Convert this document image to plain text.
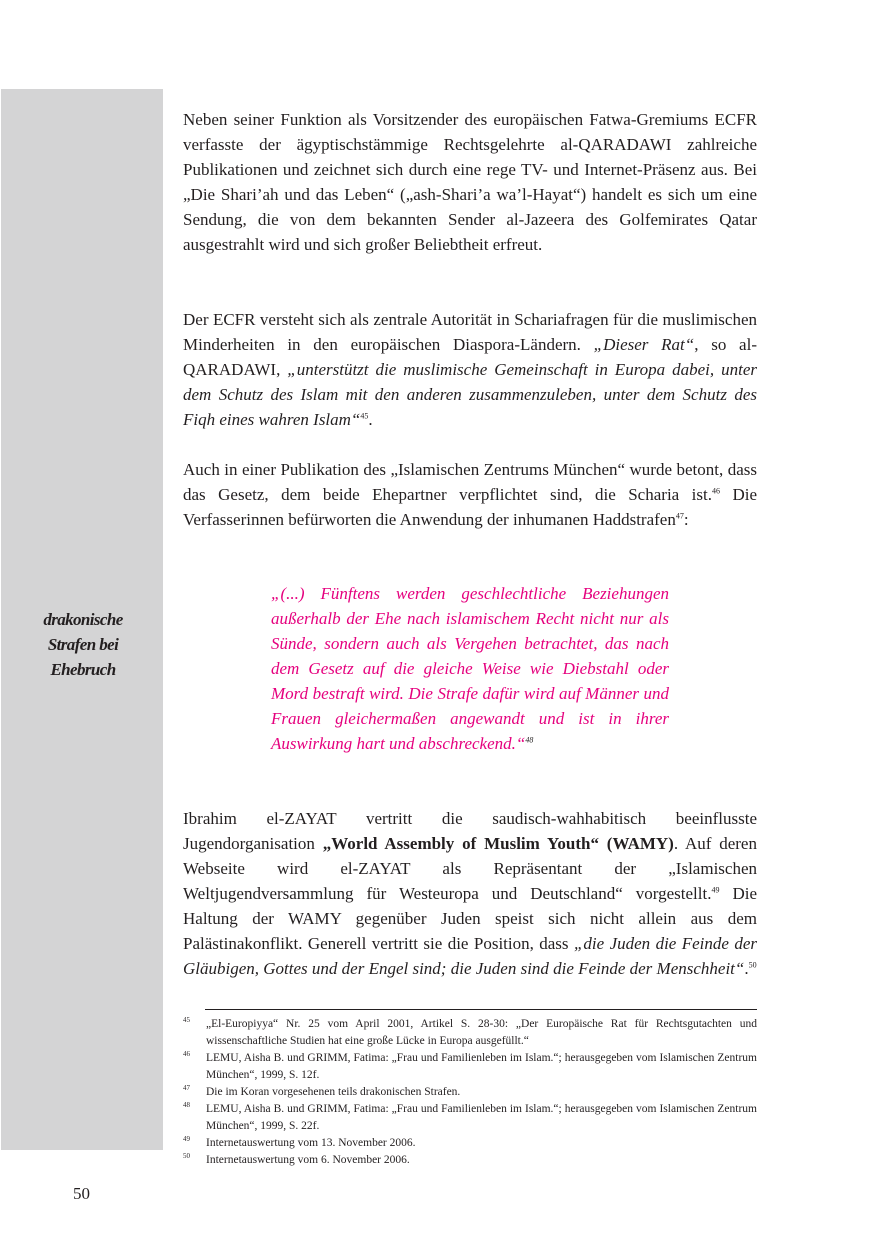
drakonische
Strafen bei
Ehebruch

Neben seiner Funktion als Vorsitzender des europäischen Fatwa-Gremiums ECFR verfasste der ägyptischstämmige Rechtsgelehrte al-QARADAWI zahlreiche Publikationen und zeichnet sich durch eine rege TV- und Internet-Präsenz aus. Bei „Die Shari’ah und das Leben“ („ash-Shari’a wa’l-Hayat“) handelt es sich um eine Sendung, die von dem bekannten Sender al-Jazeera des Golfemirates Qatar ausgestrahlt wird und sich großer Beliebtheit erfreut.

Der ECFR versteht sich als zentrale Autorität in Schariafragen für die muslimischen Minderheiten in den europäischen Diaspora-Ländern. „Dieser Rat“, so al-QARADAWI, „unterstützt die muslimische Gemeinschaft in Europa dabei, unter dem Schutz des Islam mit den anderen zusammenzuleben, unter dem Schutz des Fiqh eines wahren Islam“$^{45}$.

Auch in einer Publikation des „Islamischen Zentrums München“ wurde betont, dass das Gesetz, dem beide Ehepartner verpflichtet sind, die Scharia ist.$^{46}$ Die Verfasserinnen befürworten die Anwendung der inhumanen Haddstrafen$^{47}$:

„(...) Fünftens werden geschlechtliche Beziehungen außerhalb der Ehe nach islamischem Recht nicht nur als Sünde, sondern auch als Vergehen betrachtet, das nach dem Gesetz auf die gleiche Weise wie Diebstahl oder Mord bestraft wird. Die Strafe dafür wird auf Männer und Frauen gleichermaßen angewandt und ist in ihrer Auswirkung hart und abschreckend.“$^{48}$

Ibrahim el-ZAYAT vertritt die saudisch-wahhabitisch beeinflusste Jugendorganisation „World Assembly of Muslim Youth“ (WAMY). Auf deren Webseite wird el-ZAYAT als Repräsentant der „Islamischen Weltjugendversammlung für Westeuropa und Deutschland“ vorgestellt.$^{49}$ Die Haltung der WAMY gegenüber Juden speist sich nicht allein aus dem Palästinakonflikt. Generell vertritt sie die Position, dass „die Juden die Feinde der Gläubigen, Gottes und der Engel sind; die Juden sind die Feinde der Menschheit“.$^{50}$

45 „El-Europiyya“ Nr. 25 vom April 2001, Artikel S. 28-30: „Der Europäische Rat für Rechtsgutachten und wissenschaftliche Studien hat eine große Lücke in Europa ausgefüllt.“
46 LEMU, Aisha B. und GRIMM, Fatima: „Frau und Familienleben im Islam.“; herausgegeben vom Islamischen Zentrum München“, 1999, S. 12f.
47 Die im Koran vorgesehenen teils drakonischen Strafen.
48 LEMU, Aisha B. und GRIMM, Fatima: „Frau und Familienleben im Islam.“; herausgegeben vom Islamischen Zentrum München“, 1999, S. 22f.
49 Internetauswertung vom 13. November 2006.
50 Internetauswertung vom 6. November 2006.
50
